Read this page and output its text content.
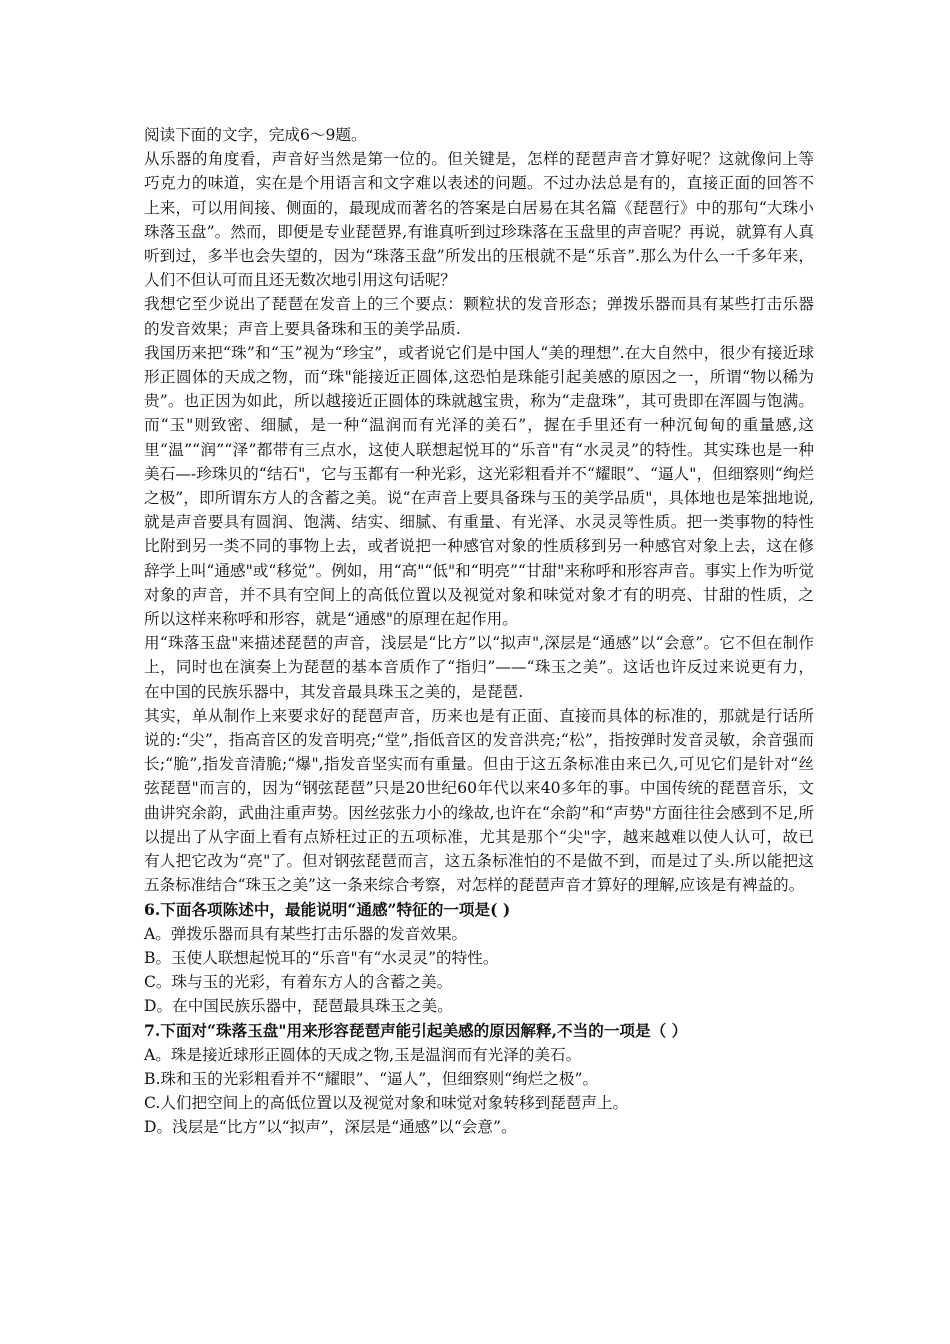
阅读下面的文字，完成6～9题。

从乐器的角度看，声音好当然是第一位的。但关键是，怎样的琵琶声音才算好呢？这就像问上等巧克力的味道，实在是个用语言和文字难以表述的问题。不过办法总是有的，直接正面的回答不上来，可以用间接、侧面的，最现成而著名的答案是白居易在其名篇《琵琶行》中的那句“大珠小珠落玉盘”。然而，即便是专业琵琶界,有谁真听到过珍珠落在玉盘里的声音呢？再说，就算有人真听到过，多半也会失望的，因为“珠落玉盘”所发出的压根就不是“乐音”.那么为什么一千多年来，人们不但认可而且还无数次地引用这句话呢？

我想它至少说出了琵琶在发音上的三个要点：颗粒状的发音形态；弹拨乐器而具有某些打击乐器的发音效果；声音上要具备珠和玉的美学品质.

我国历来把“珠”和“玉”视为“珍宝”，或者说它们是中国人“美的理想”.在大自然中，很少有接近球形正圆体的天成之物，而“珠"能接近正圆体,这恐怕是珠能引起美感的原因之一，所谓“物以稀为贵”。也正因为如此，所以越接近正圆体的珠就越宝贵，称为“走盘珠”，其可贵即在浑圆与饱满。而“玉"则致密、细腻，是一种“温润而有光泽的美石”，握在手里还有一种沉甸甸的重量感,这里“温”“润”“泽”都带有三点水，这使人联想起悦耳的“乐音"有“水灵灵”的特性。其实珠也是一种美石—-珍珠贝的“结石"，它与玉都有一种光彩，这光彩粗看并不“耀眼”、“逼人"，但细察则“绚烂之极”，即所谓东方人的含蓄之美。说“在声音上要具备珠与玉的美学品质"，具体地也是笨拙地说,就是声音要具有圆润、饱满、结实、细腻、有重量、有光泽、水灵灵等性质。把一类事物的特性比附到另一类不同的事物上去，或者说把一种感官对象的性质移到另一种感官对象上去，这在修辞学上叫“通感"或“移觉”。例如，用“高"“低"和“明亮”“甘甜"来称呼和形容声音。事实上作为听觉对象的声音，并不具有空间上的高低位置以及视觉对象和味觉对象才有的明亮、甘甜的性质，之所以这样来称呼和形容，就是“通感"的原理在起作用。

用“珠落玉盘"来描述琵琶的声音，浅层是“比方”以“拟声",深层是“通感”以“会意”。它不但在制作上，同时也在演奏上为琵琶的基本音质作了“指归”——“珠玉之美”。这话也许反过来说更有力，在中国的民族乐器中，其发音最具珠玉之美的，是琵琶.

其实，单从制作上来要求好的琵琶声音，历来也是有正面、直接而具体的标准的，那就是行话所说的:“尖”，指高音区的发音明亮;“堂”,指低音区的发音洪亮;“松”，指按弹时发音灵敏，余音强而长;“脆”,指发音清脆;“爆",指发音坚实而有重量。但由于这五条标准由来已久,可见它们是针对“丝弦琵琶"而言的，因为“钢弦琵琶”只是20世纪60年代以来40多年的事。中国传统的琵琶音乐，文曲讲究余韵，武曲注重声势。因丝弦张力小的缘故,也许在“余韵”和“声势"方面往往会感到不足,所以提出了从字面上看有点矫枉过正的五项标准，尤其是那个“尖"字，越来越难以使人认可，故已有人把它改为“亮"了。但对钢弦琵琶而言，这五条标准怕的不是做不到，而是过了头.所以能把这五条标准结合“珠玉之美”这一条来综合考察，对怎样的琵琶声音才算好的理解,应该是有裨益的。

6.下面各项陈述中，最能说明“通感”特征的一项是( )

A。弹拨乐器而具有某些打击乐器的发音效果。

B。玉使人联想起悦耳的“乐音"有“水灵灵”的特性。

C。珠与玉的光彩，有着东方人的含蓄之美。

D。在中国民族乐器中，琵琶最具珠玉之美。

7.下面对“珠落玉盘"用来形容琵琶声能引起美感的原因解释,不当的一项是（ ）

A。珠是接近球形正圆体的天成之物,玉是温润而有光泽的美石。

B.珠和玉的光彩粗看并不“耀眼”、“逼人”，但细察则“绚烂之极”。

C.人们把空间上的高低位置以及视觉对象和味觉对象转移到琵琶声上。

D。浅层是“比方”以“拟声”，深层是“通感”以“会意”。
